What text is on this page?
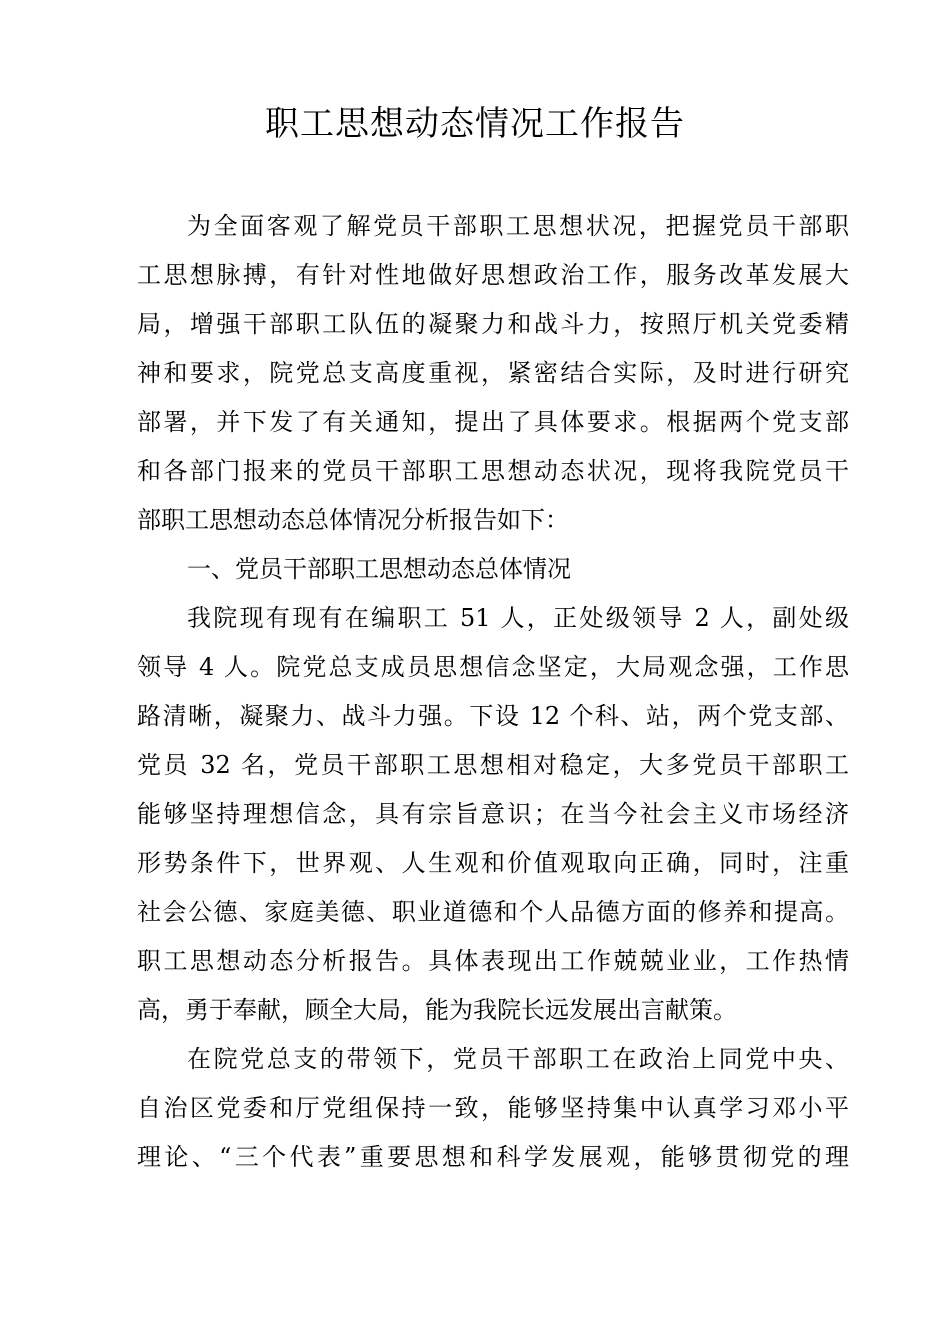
职工思想动态情况工作报告
为全面客观了解党员干部职工思想状况，把握党员干部职
工思想脉搏，有针对性地做好思想政治工作，服务改革发展大
局，增强干部职工队伍的凝聚力和战斗力，按照厅机关党委精
神和要求，院党总支高度重视，紧密结合实际，及时进行研究
部署，并下发了有关通知，提出了具体要求。根据两个党支部
和各部门报来的党员干部职工思想动态状况，现将我院党员干
部职工思想动态总体情况分析报告如下：
一、党员干部职工思想动态总体情况
我院现有现有在编职工 51 人，正处级领导 2 人，副处级
领导 4 人。院党总支成员思想信念坚定，大局观念强，工作思
路清晰，凝聚力、战斗力强。下设 12 个科、站，两个党支部、
党员 32 名，党员干部职工思想相对稳定，大多党员干部职工
能够坚持理想信念，具有宗旨意识；在当今社会主义市场经济
形势条件下，世界观、人生观和价值观取向正确，同时，注重
社会公德、家庭美德、职业道德和个人品德方面的修养和提高。
职工思想动态分析报告。具体表现出工作兢兢业业，工作热情
高，勇于奉献，顾全大局，能为我院长远发展出言献策。
在院党总支的带领下，党员干部职工在政治上同党中央、
自治区党委和厅党组保持一致，能够坚持集中认真学习邓小平
理论、“三个代表”重要思想和科学发展观，能够贯彻党的理
